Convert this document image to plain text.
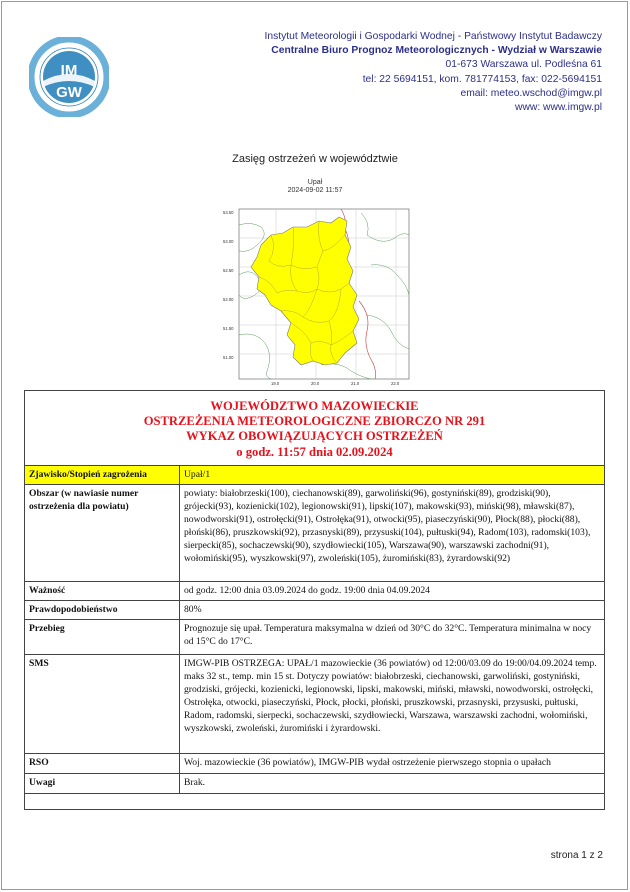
IM
GW
Instytut Meteorologii i Gospodarki Wodnej - Państwowy Instytut Badawczy
Centralne Biuro Prognoz Meteorologicznych - Wydział w Warszawie
01-673 Warszawa ul. Podleśna 61
tel: 22 5694151, kom. 781774153, fax: 022-5694151
email: meteo.wschod@imgw.pl
www: www.imgw.pl
Zasięg ostrzeżeń w województwie
Upał
2024-09-02 11:57
53.50
53.00
52.50
52.00
51.50
51.00
19.0	20.0	21.0	22.0
WOJEWÓDZTWO MAZOWIECKIE
OSTRZEŻENIA METEOROLOGICZNE ZBIORCZO NR 291
WYKAZ OBOWIĄZUJĄCYCH OSTRZEŻEŃ
o godz. 11:57 dnia 02.09.2024
Zjawisko/Stopień zagrożenia	Upał/1
Obszar (w nawiasie numer ostrzeżenia dla powiatu)	powiaty: białobrzeski(100), ciechanowski(89), garwoliński(96), gostyniński(89), grodziski(90), grójecki(93), kozienicki(102), legionowski(91), lipski(107), makowski(93), miński(98), mławski(87), nowodworski(91), ostrołęcki(91), Ostrołęka(91), otwocki(95), piaseczyński(90), Płock(88), płocki(88), płoński(86), pruszkowski(92), przasnyski(89), przysuski(104), pułtuski(94), Radom(103), radomski(103), sierpecki(85), sochaczewski(90), szydłowiecki(105), Warszawa(90), warszawski zachodni(91), wołomiński(95), wyszkowski(97), zwoleński(105), żuromiński(83), żyrardowski(92)
Ważność	od godz. 12:00 dnia 03.09.2024 do godz. 19:00 dnia 04.09.2024
Prawdopodobieństwo	80%
Przebieg	Prognozuje się upał. Temperatura maksymalna w dzień od 30°C do 32°C. Temperatura minimalna w nocy od 15°C do 17°C.
SMS	IMGW-PIB OSTRZEGA: UPAŁ/1 mazowieckie (36 powiatów) od 12:00/03.09 do 19:00/04.09.2024 temp. maks 32 st., temp. min 15 st. Dotyczy powiatów: białobrzeski, ciechanowski, garwoliński, gostyniński, grodziski, grójecki, kozienicki, legionowski, lipski, makowski, miński, mławski, nowodworski, ostrołęcki, Ostrołęka, otwocki, piaseczyński, Płock, płocki, płoński, pruszkowski, przasnyski, przysuski, pułtuski, Radom, radomski, sierpecki, sochaczewski, szydłowiecki, Warszawa, warszawski zachodni, wołomiński, wyszkowski, zwoleński, żuromiński i żyrardowski.
RSO	Woj. mazowieckie (36 powiatów), IMGW-PIB wydał ostrzeżenie pierwszego stopnia o upałach
Uwagi	Brak.
strona 1 z 2
